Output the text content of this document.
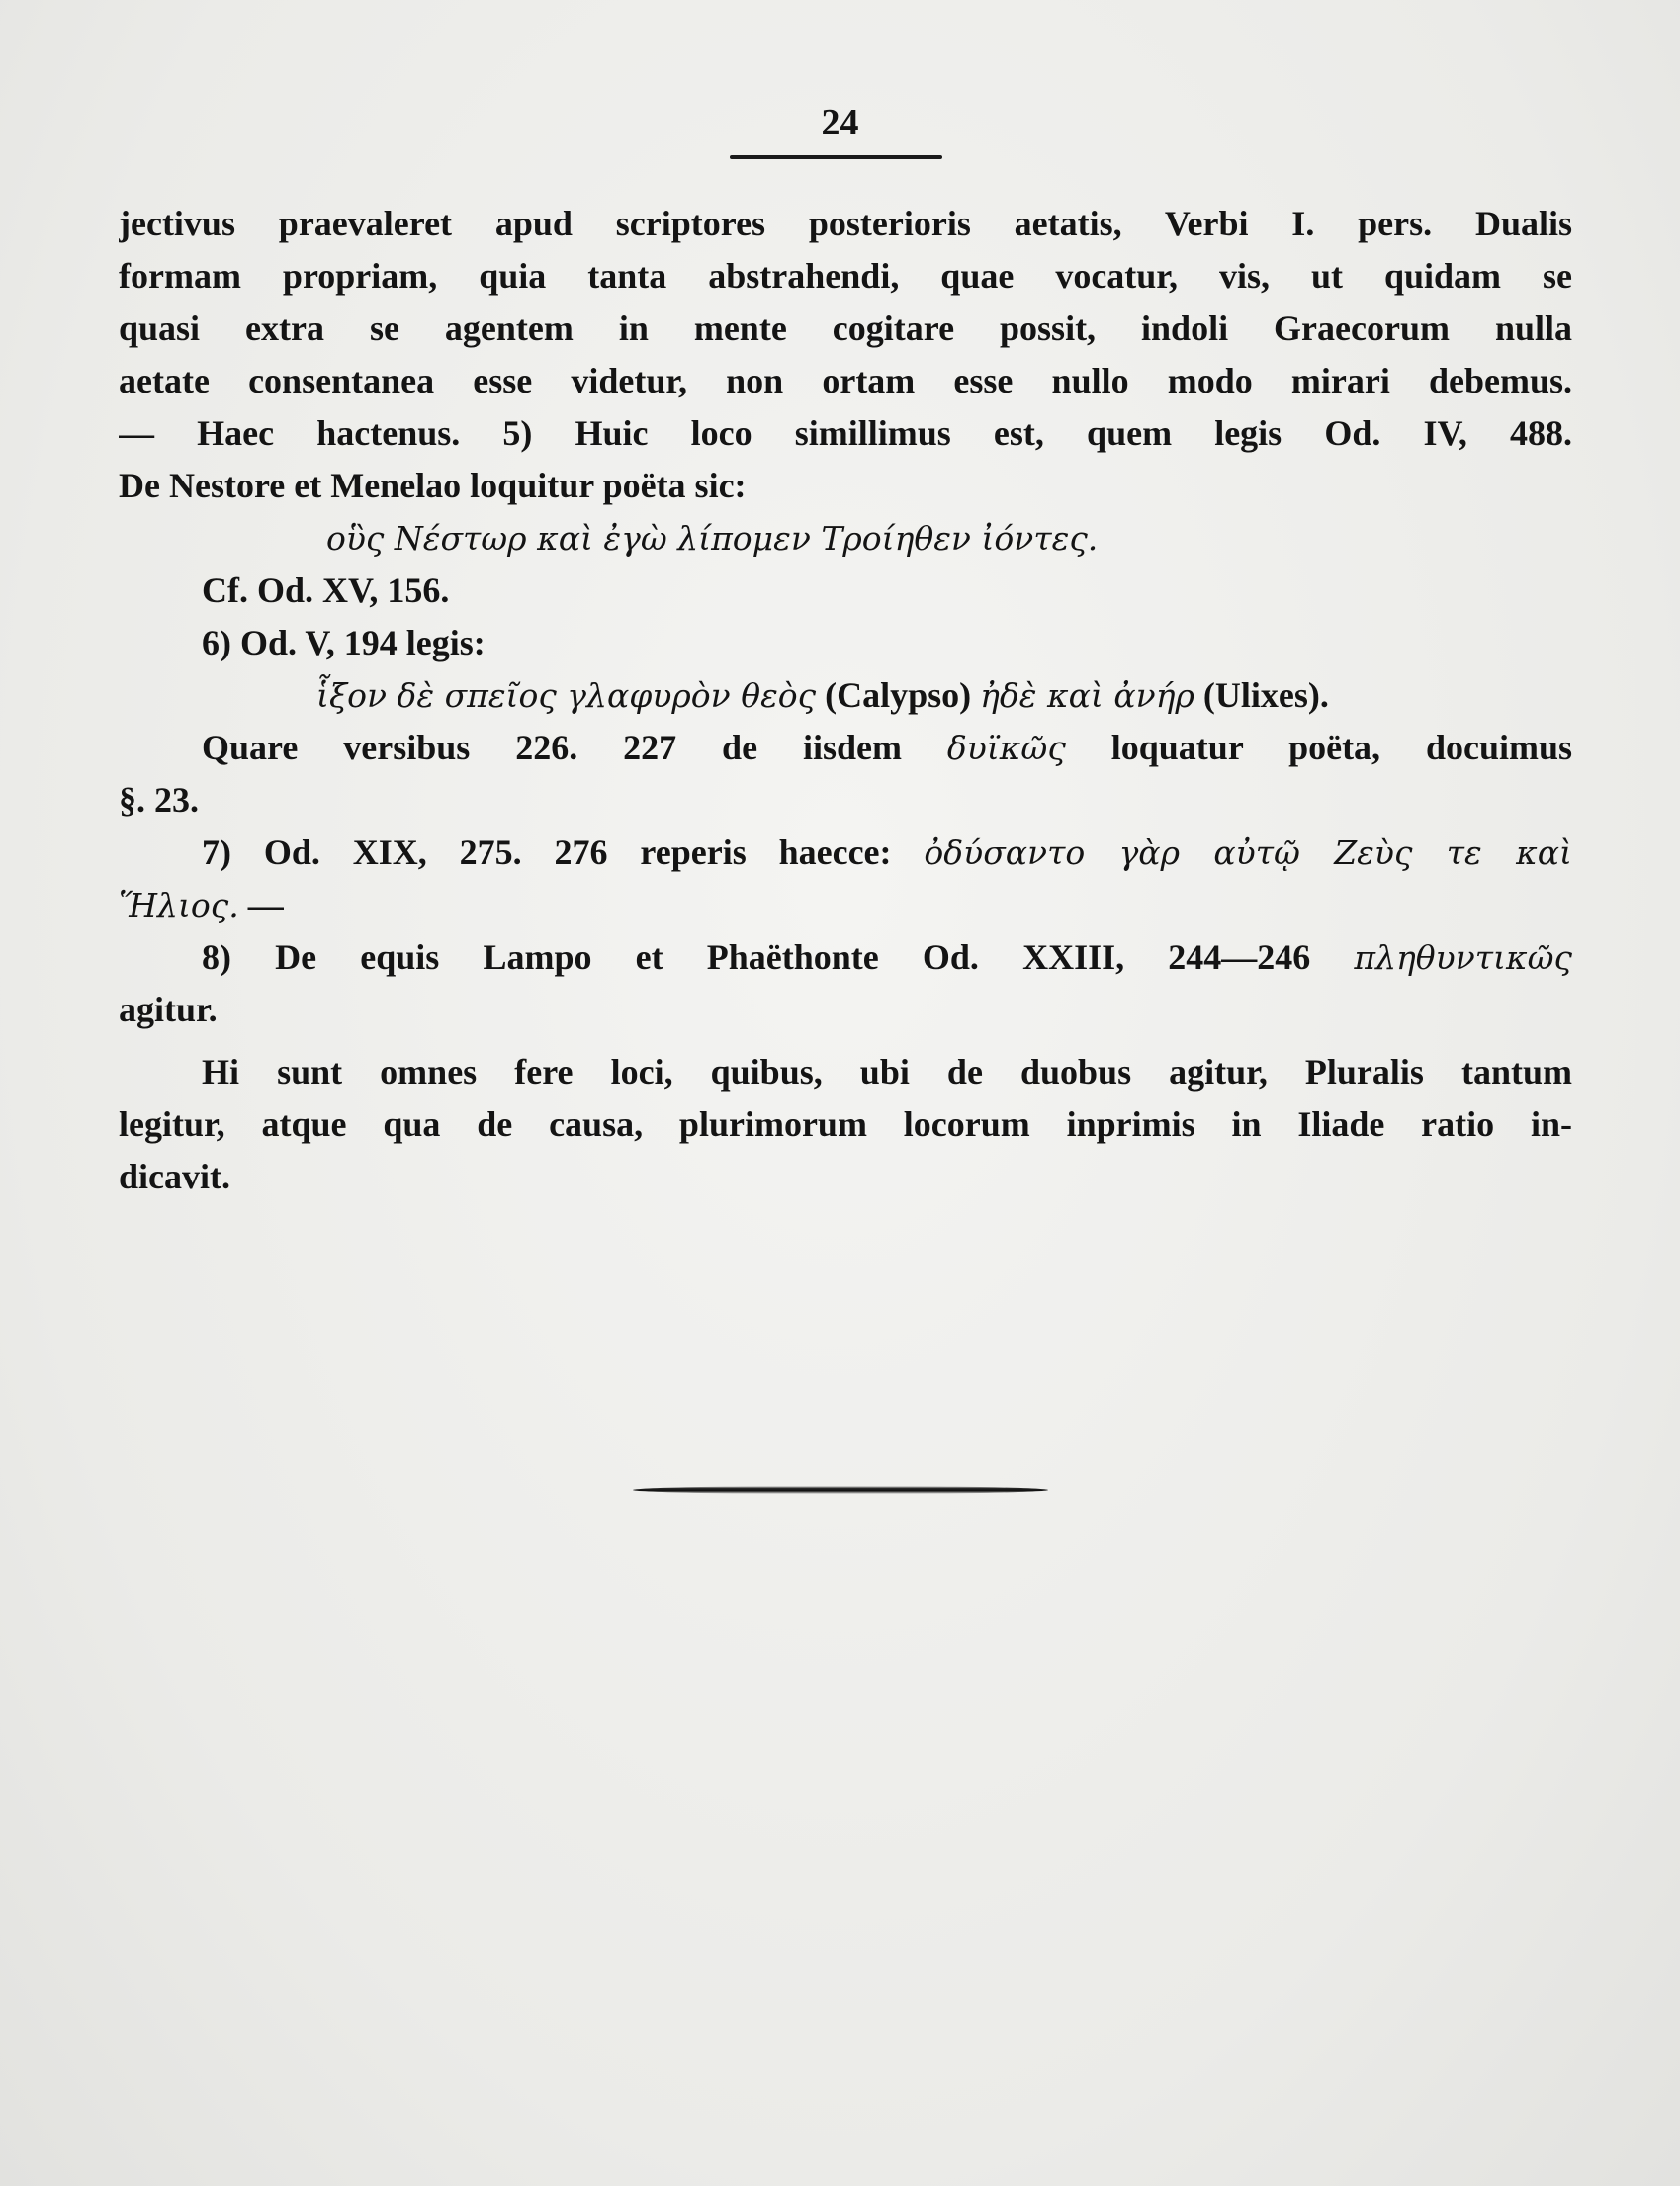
24
jectivus praevaleret apud scriptores posterioris aetatis, Verbi I. pers. Dualis
formam propriam, quia tanta abstrahendi, quae vocatur, vis, ut quidam se
quasi extra se agentem in mente cogitare possit, indoli Graecorum nulla
aetate consentanea esse videtur, non ortam esse nullo modo mirari debemus.
— Haec hactenus. 5) Huic loco simillimus est, quem legis Od. IV, 488.
De Nestore et Menelao loquitur poëta sic:
οὓς Νέστωρ καὶ ἐγὼ λίπομεν Τροίηθεν ἰόντες.
Cf. Od. XV, 156.
6) Od. V, 194 legis:
ἷξον δὲ σπεῖος γλαφυρὸν θεὸς (Calypso) ἠδὲ καὶ ἀνήρ (Ulixes).
Quare versibus 226. 227 de iisdem δυϊκῶς loquatur poëta, docuimus
§. 23.
7) Od. XIX, 275. 276 reperis haecce: ὀδύσαντο γὰρ αὐτῷ Ζεὺς τε καὶ
Ἥλιος. —
8) De equis Lampo et Phaëthonte Od. XXIII, 244—246 πληθυντικῶς
agitur.
Hi sunt omnes fere loci, quibus, ubi de duobus agitur, Pluralis tantum
legitur, atque qua de causa, plurimorum locorum inprimis in Iliade ratio in-
dicavit.
